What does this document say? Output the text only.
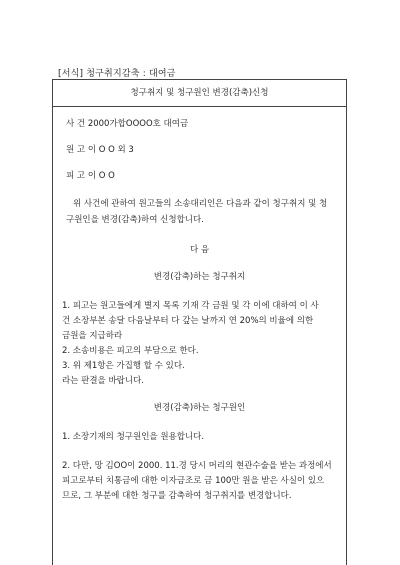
[서식] 청구취지감축 : 대여금
청구취지 및 청구원인 변경(감축)신청
사 건 2000가합OOOO호 대여금
원 고 이 O O 외 3
피 고 이 O O
위 사건에 관하여 원고들의 소송대리인은 다음과 같이 청구취지 및 청
구원인을 변경(감축)하여 신청합니다.
다 음
변경(감축)하는 청구취지
1. 피고는 원고들에게 별지 목록 기재 각 금원 및 각 이에 대하여 이 사
건 소장부본 송달 다음날부터 다 갚는 날까지 연 20%의 비율에 의한
금원을 지급하라
2. 소송비용은 피고의 부담으로 한다.
3. 위 제1항은 가집행 할 수 있다.
라는 판결을 바랍니다.
변경(감축)하는 청구원인
1. 소장기재의 청구원인을 원용합니다.
2. 다만, 망 김OO이 2000. 11.경 당시 머리의 현관수술을 받는 과정에서
피고로부터 치통금에 대한 이자금조로 금 100만 원을 받은 사실이 있으
므로, 그 부분에 대한 청구를 감축하여 청구취지를 변경합니다.
